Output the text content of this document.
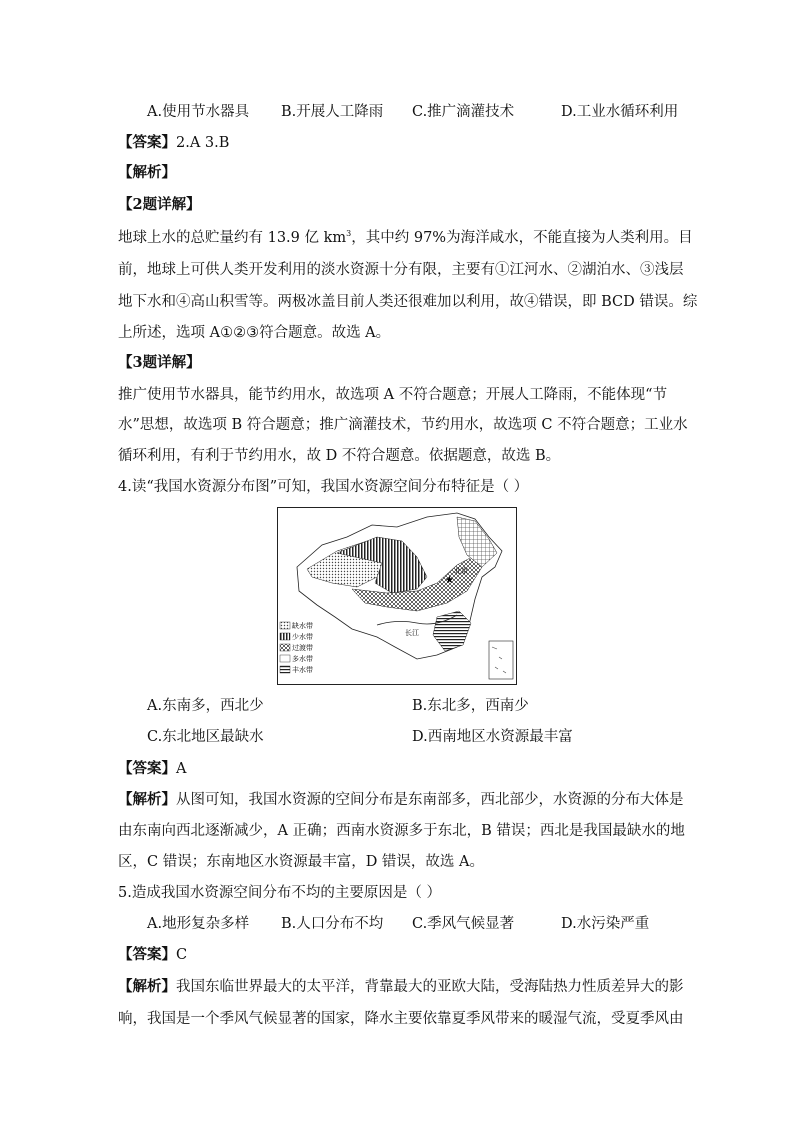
A.使用节水器具 B.开展人工降雨 C.推广滴灌技术	D.工业水循环利用
【答案】2.A 3.B
【解析】
【2题详解】
地球上水的总贮量约有 13.9 亿 $km^3$，其中约 97%为海洋咸水，不能直接为人类利用。目
前，地球上可供人类开发利用的淡水资源十分有限，主要有①江河水、②湖泊水、③浅层
地下水和④高山积雪等。两极冰盖目前人类还很难加以利用，故④错误，即 BCD 错误。综
上所述，选项 A①②③符合题意。故选 A。
【3题详解】
推广使用节水器具，能节约用水，故选项 A 不符合题意；开展人工降雨，不能体现“节
水”思想，故选项 B 符合题意；推广滴灌技术，节约用水，故选项 C 不符合题意；工业水
循环利用，有利于节约用水，故 D 不符合题意。依据题意，故选 B。
4.读“我国水资源分布图”可知，我国水资源空间分布特征是（ ）
长江
★
北京
缺水带
少水带
过渡带
多水带
丰水带
A.东南多，西北少	B.东北多，西南少
C.东北地区最缺水	D.西南地区水资源最丰富
【答案】A
【解析】从图可知，我国水资源的空间分布是东南部多，西北部少，水资源的分布大体是
由东南向西北逐渐减少，A 正确；西南水资源多于东北，B 错误；西北是我国最缺水的地
区，C 错误；东南地区水资源最丰富，D 错误，故选 A。
5.造成我国水资源空间分布不均的主要原因是（ ）
A.地形复杂多样 B.人口分布不均 C.季风气候显著	D.水污染严重
【答案】C
【解析】我国东临世界最大的太平洋，背靠最大的亚欧大陆，受海陆热力性质差异大的影
响，我国是一个季风气候显著的国家，降水主要依靠夏季风带来的暖湿气流，受夏季风由
